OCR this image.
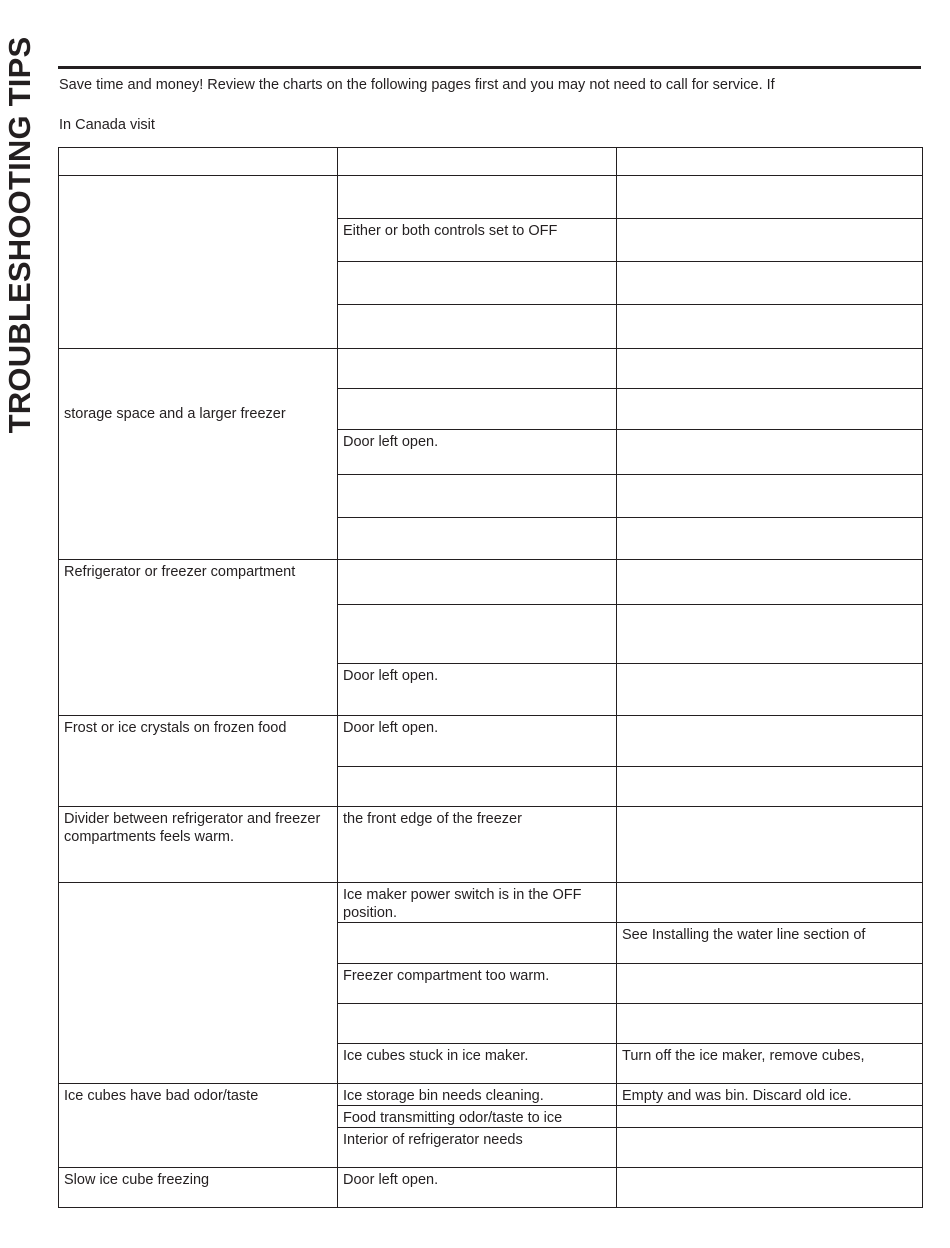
TROUBLESHOOTING TIPS Save time and money! Review the charts on the following pages first and you may not need to call for service. If
In Canada visit

	Either or both controls set to OFF	

storage space and a larger freezer		

	Door left open.	

Refrigerator or freezer compartment		

	Door left open.	
Frost or ice crystals on frozen food	Door left open.	

Divider between refrigerator and freezer compartments feels warm.	the front edge of the freezer	
	Ice maker power switch is in the OFF position.	
		See Installing the water line section of
	Freezer compartment too warm.	

	Ice cubes stuck in ice maker.	Turn off the ice maker, remove cubes,
Ice cubes have bad odor/taste	Ice storage bin needs cleaning.	Empty and was bin. Discard old ice.
	Food transmitting odor/taste to ice	
	Interior of refrigerator needs	
Slow ice cube freezing	Door left open.	
